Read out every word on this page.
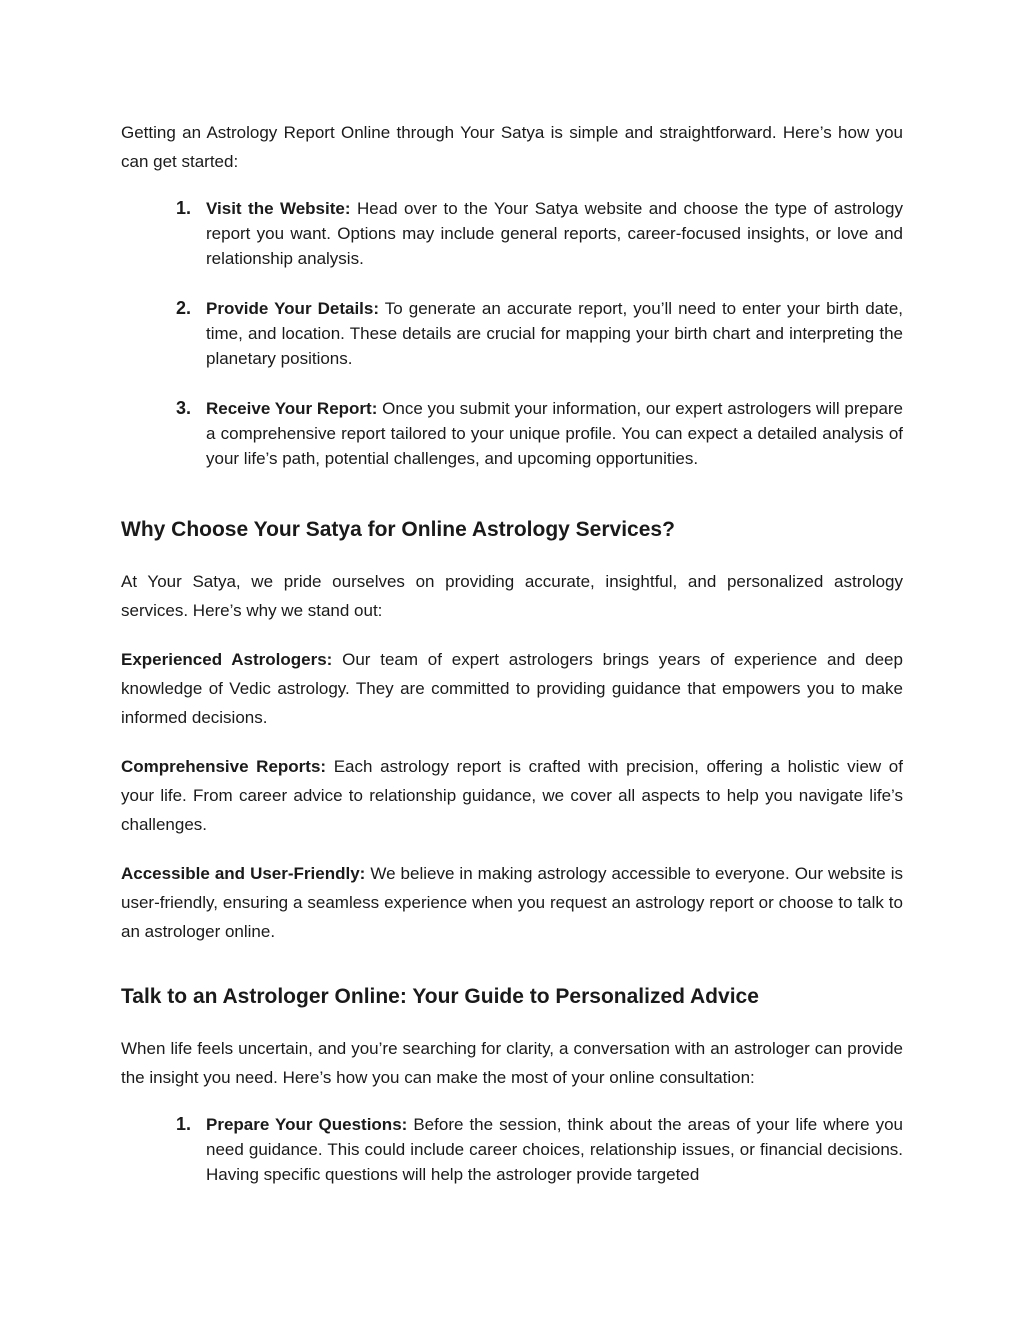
Getting an Astrology Report Online through Your Satya is simple and straightforward. Here’s how you can get started:

1. Visit the Website: Head over to the Your Satya website and choose the type of astrology report you want. Options may include general reports, career-focused insights, or love and relationship analysis.
2. Provide Your Details: To generate an accurate report, you’ll need to enter your birth date, time, and location. These details are crucial for mapping your birth chart and interpreting the planetary positions.
3. Receive Your Report: Once you submit your information, our expert astrologers will prepare a comprehensive report tailored to your unique profile. You can expect a detailed analysis of your life’s path, potential challenges, and upcoming opportunities.
Why Choose Your Satya for Online Astrology Services?

At Your Satya, we pride ourselves on providing accurate, insightful, and personalized astrology services. Here’s why we stand out:

Experienced Astrologers: Our team of expert astrologers brings years of experience and deep knowledge of Vedic astrology. They are committed to providing guidance that empowers you to make informed decisions.

Comprehensive Reports: Each astrology report is crafted with precision, offering a holistic view of your life. From career advice to relationship guidance, we cover all aspects to help you navigate life’s challenges.

Accessible and User-Friendly: We believe in making astrology accessible to everyone. Our website is user-friendly, ensuring a seamless experience when you request an astrology report or choose to talk to an astrologer online.

Talk to an Astrologer Online: Your Guide to Personalized Advice

When life feels uncertain, and you’re searching for clarity, a conversation with an astrologer can provide the insight you need. Here’s how you can make the most of your online consultation:

1. Prepare Your Questions: Before the session, think about the areas of your life where you need guidance. This could include career choices, relationship issues, or financial decisions. Having specific questions will help the astrologer provide targeted
